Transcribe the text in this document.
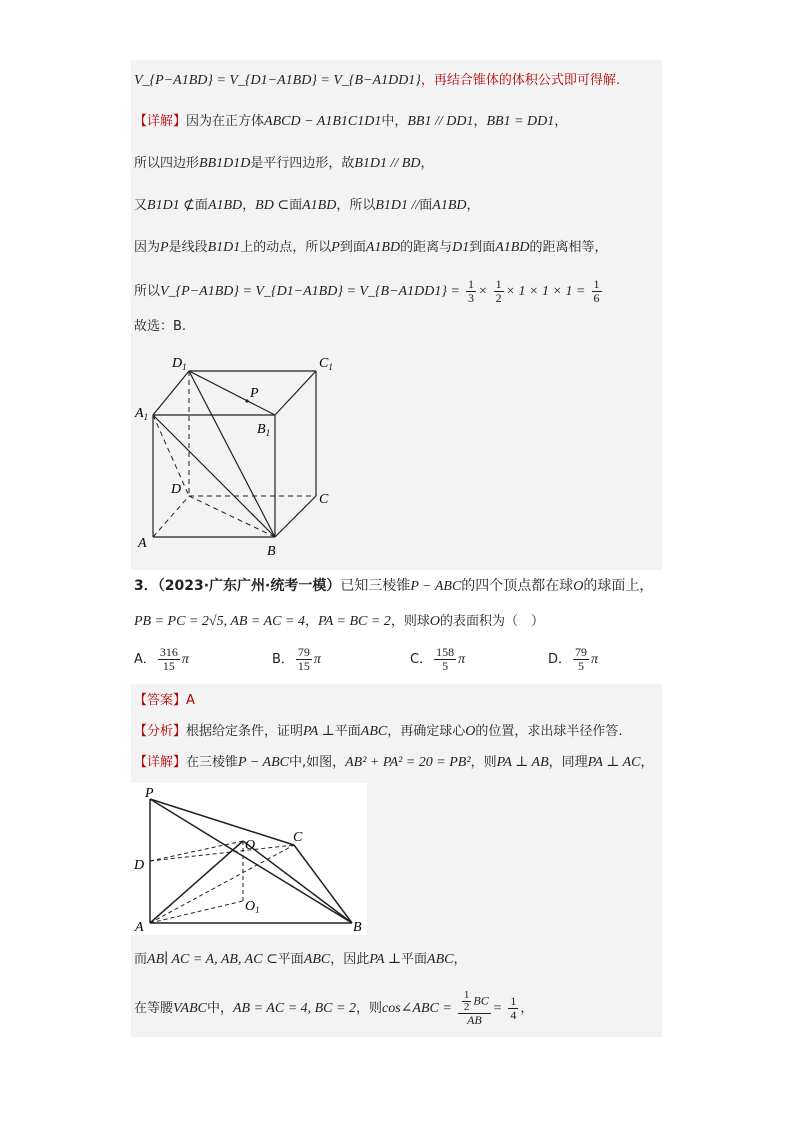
V_{P−A1BD} = V_{D1−A1BD} = V_{B−A1DD1}，再结合锥体的体积公式即可得解.
【详解】因为在正方体ABCD − A1B1C1D1中，BB1 // DD1，BB1 = DD1，
所以四边形BB1D1D是平行四边形，故B1D1 // BD，
又B1D1 ⊄面A1BD，BD ⊂面A1BD，所以B1D1 //面A1BD，
因为P是线段B1D1上的动点，所以P到面A1BD的距离与D1到面A1BD的距离相等，
所以V_{P−A1BD} = V_{D1−A1BD} = V_{B−A1DD1} = $\frac{1}{3} \times \frac{1}{2} \times 1 \times 1 \times 1 = \frac{1}{6}$
故选：B.
$D_1$	$C_1$
P
$A_1$
$B_1$
D
C
A
B
3．（2023·广东广州·统考一模）已知三棱锥P − ABC的四个顶点都在球O的球面上，
PB = PC = 2√5, AB = AC = 4，PA = BC = 2，则球O的表面积为（　）
A． $\frac{316}{15}$ π	B． $\frac{79}{15}$ π	C． $\frac{158}{5}$ π	D． $\frac{79}{5}$ π
【答案】A
【分析】根据给定条件，证明PA ⊥平面ABC，再确定球心O的位置，求出球半径作答.
【详解】在三棱锥P − ABC中,如图，AB² + PA² = 20 = PB²，则PA ⊥ AB，同理PA ⊥ AC，
P
C
O
D
$O_1$
A	B
而AB∣ AC = A, AB, AC ⊂平面ABC，因此PA ⊥平面ABC，
在等腰VABC中，AB = AC = 4, BC = 2，则cos∠ABC = $\frac{\frac{1}{2} BC}{AB} = \frac{1}{4}$ ，
